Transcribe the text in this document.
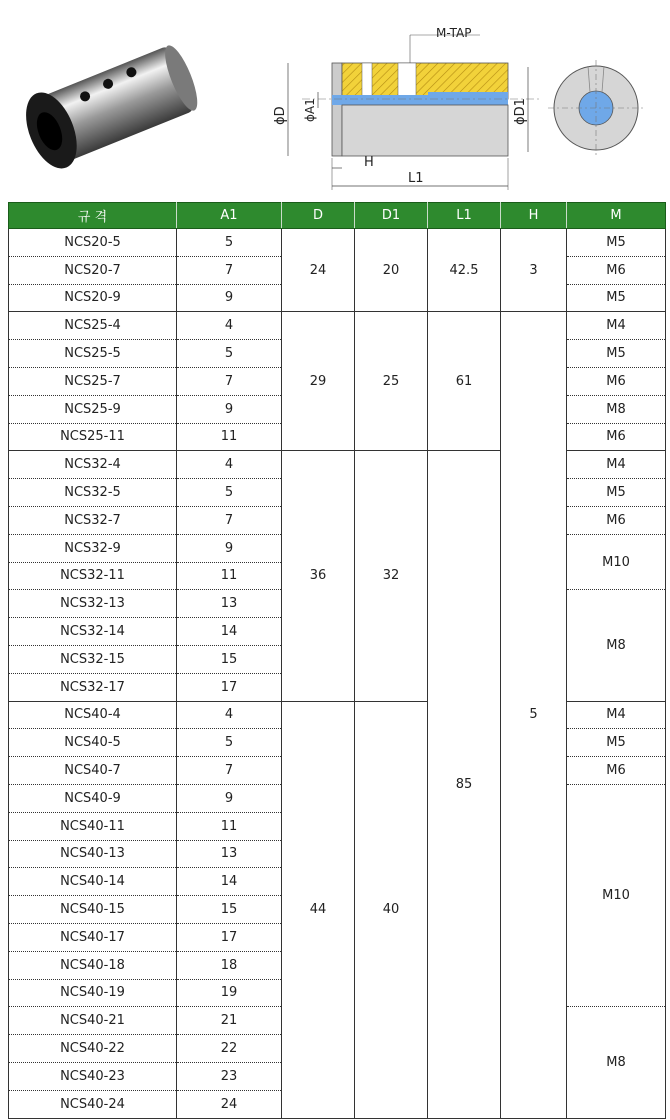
M-TAP
ϕD ϕA1	ϕD1
H
L1
규 격	A1	D	D1	L1	H	M
NCS20-5	5	24	20	42.5	3	M5
NCS20-7	7					M6
NCS20-9	9					M5
NCS25-4	4	29	25	61	5	M4
NCS25-5	5					M5
NCS25-7	7					M6
NCS25-9	9					M8
NCS25-11	11					M6
NCS32-4	4	36	32	85		M4
NCS32-5	5					M5
NCS32-7	7					M6
NCS32-9	9					M10
NCS32-11	11					
NCS32-13	13					M8
NCS32-14	14					
NCS32-15	15					
NCS32-17	17					
NCS40-4	4	44	40			M4
NCS40-5	5					M5
NCS40-7	7					M6
NCS40-9	9					M10
NCS40-11	11					
NCS40-13	13					
NCS40-14	14					
NCS40-15	15					
NCS40-17	17					
NCS40-18	18					
NCS40-19	19					
NCS40-21	21					M8
NCS40-22	22					
NCS40-23	23					
NCS40-24	24					
